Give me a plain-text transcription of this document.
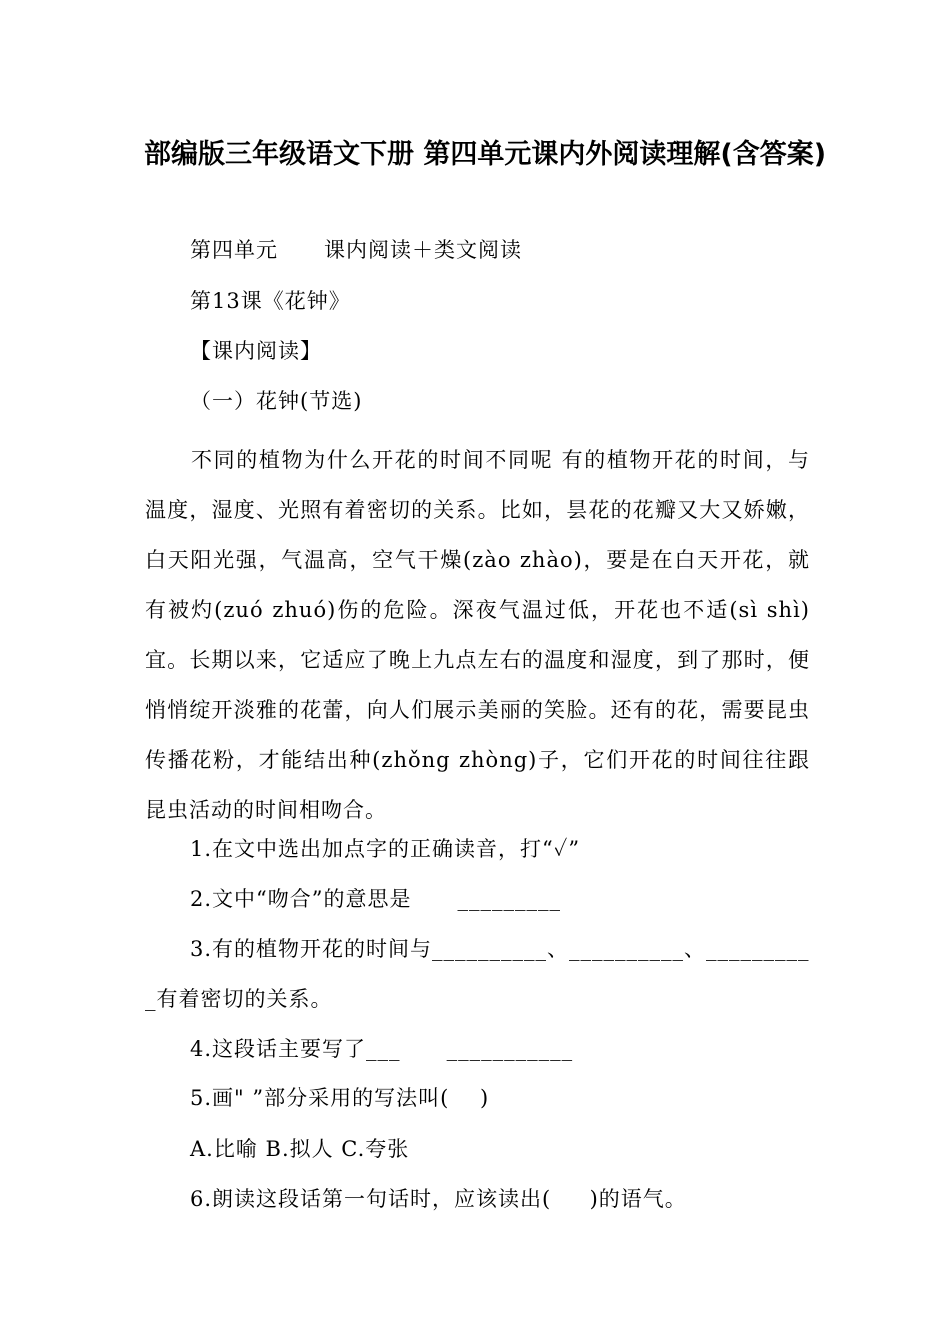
部编版三年级语文下册 第四单元课内外阅读理解(含答案)
第四单元      课内阅读＋类文阅读
第13课《花钟》
【课内阅读】
（一）花钟(节选)
不同的植物为什么开花的时间不同呢 有的植物开花的时间，与温度，湿度、光照有着密切的关系。比如，昙花的花瓣又大又娇嫩，白天阳光强，气温高，空气干燥(zào zhào)，要是在白天开花，就有被灼(zuó zhuó)伤的危险。深夜气温过低，开花也不适(sì shì)宜。长期以来，它适应了晚上九点左右的温度和湿度，到了那时，便悄悄绽开淡雅的花蕾，向人们展示美丽的笑脸。还有的花，需要昆虫传播花粉，才能结出种(zhǒng zhòng)子，它们开花的时间往往跟昆虫活动的时间相吻合。
1.在文中选出加点字的正确读音，打“✓”
2.文中“吻合”的意思是      _________
3.有的植物开花的时间与__________、__________、_________
_有着密切的关系。
4.这段话主要写了___      ___________
5.画" ”部分采用的写法叫(    )
A.比喻 B.拟人 C.夸张
6.朗读这段话第一句话时，应该读出(     )的语气。
